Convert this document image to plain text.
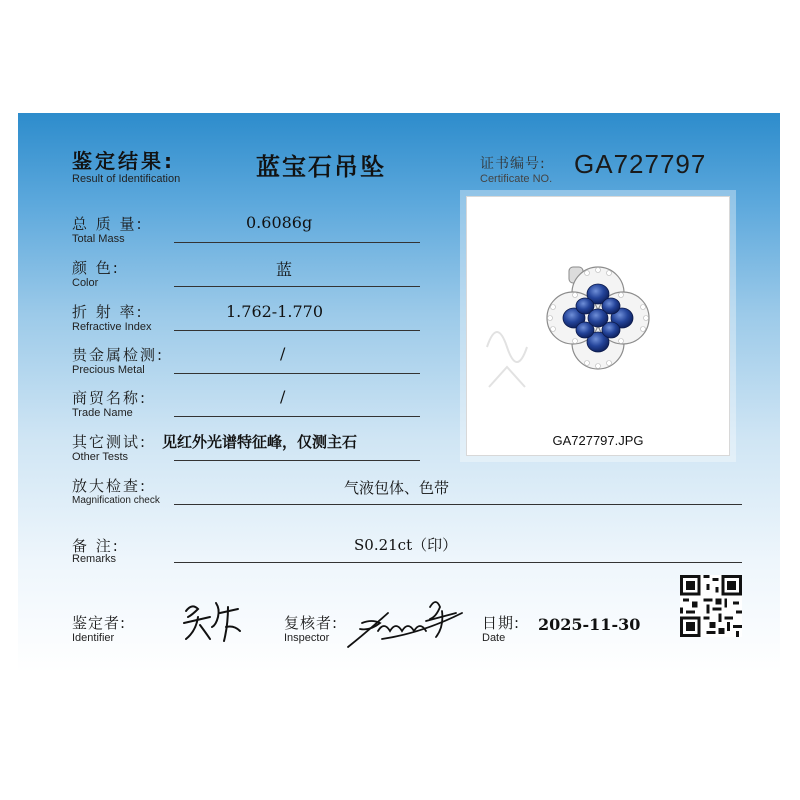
鉴定结果:
Result of Identification	蓝宝石吊坠	证书编号:
Certificate NO. GA727797
总 质 量:
Total Mass
0.6086g
颜 色:
Color
蓝
折 射 率:
Refractive Index
1.762-1.770
贵金属检测:
Precious Metal
/
商贸名称:
Trade Name
/
其它测试:
Other Tests
见红外光谱特征峰，仅测主石
放大检查:
Magnification check
气液包体、色带
备 注:
Remarks
S0.21ct（印）
GA727797.JPG
鉴定者:
Identifier
复核者:
Inspector
日期:
Date
2025-11-30
